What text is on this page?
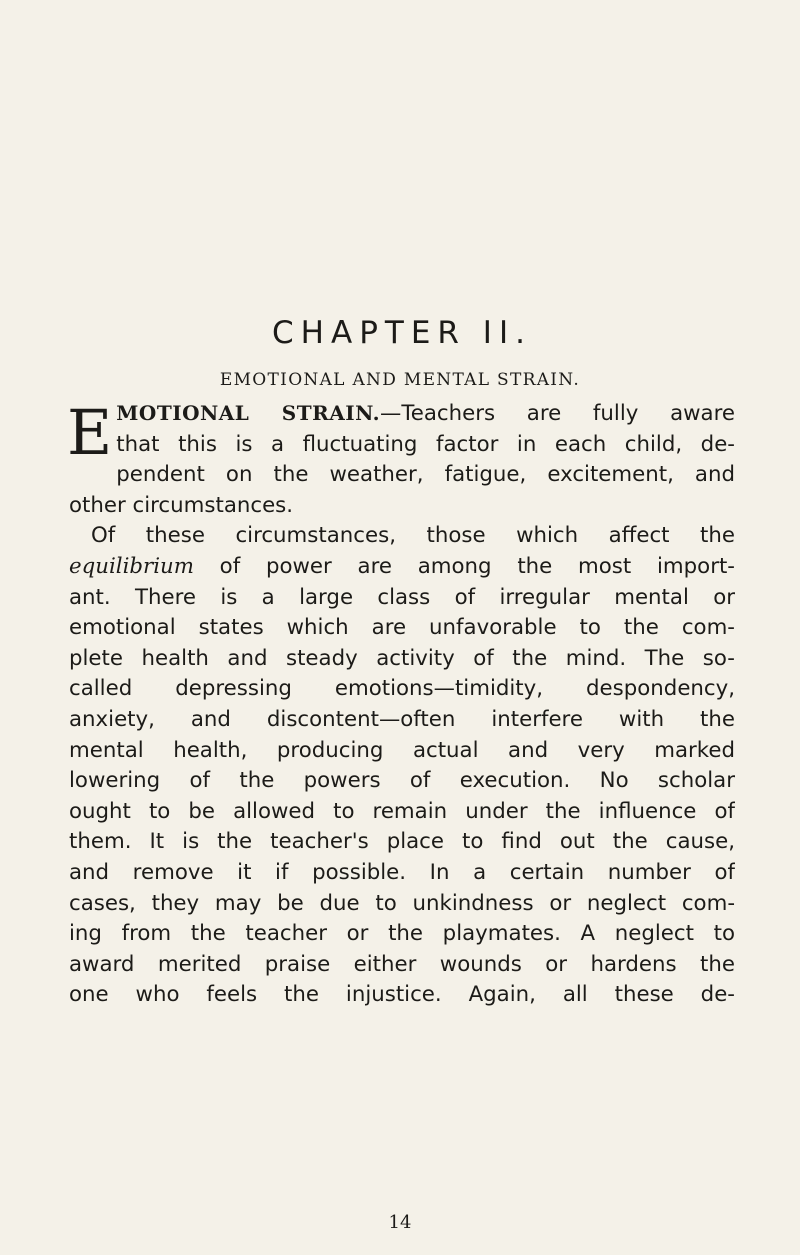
CHAPTER II.
EMOTIONAL AND MENTAL STRAIN.
E MOTIONAL STRAIN.—Teachers are fully aware
that this is a fluctuating factor in each child, de-
pendent on the weather, fatigue, excitement, and
other circumstances.
Of these circumstances, those which affect the
equilibrium of power are among the most import-
ant. There is a large class of irregular mental or
emotional states which are unfavorable to the com-
plete health and steady activity of the mind. The so-
called depressing emotions—timidity, despondency,
anxiety, and discontent—often interfere with the
mental health, producing actual and very marked
lowering of the powers of execution. No scholar
ought to be allowed to remain under the influence of
them. It is the teacher's place to find out the cause,
and remove it if possible. In a certain number of
cases, they may be due to unkindness or neglect com-
ing from the teacher or the playmates. A neglect to
award merited praise either wounds or hardens the
one who feels the injustice. Again, all these de-
14
